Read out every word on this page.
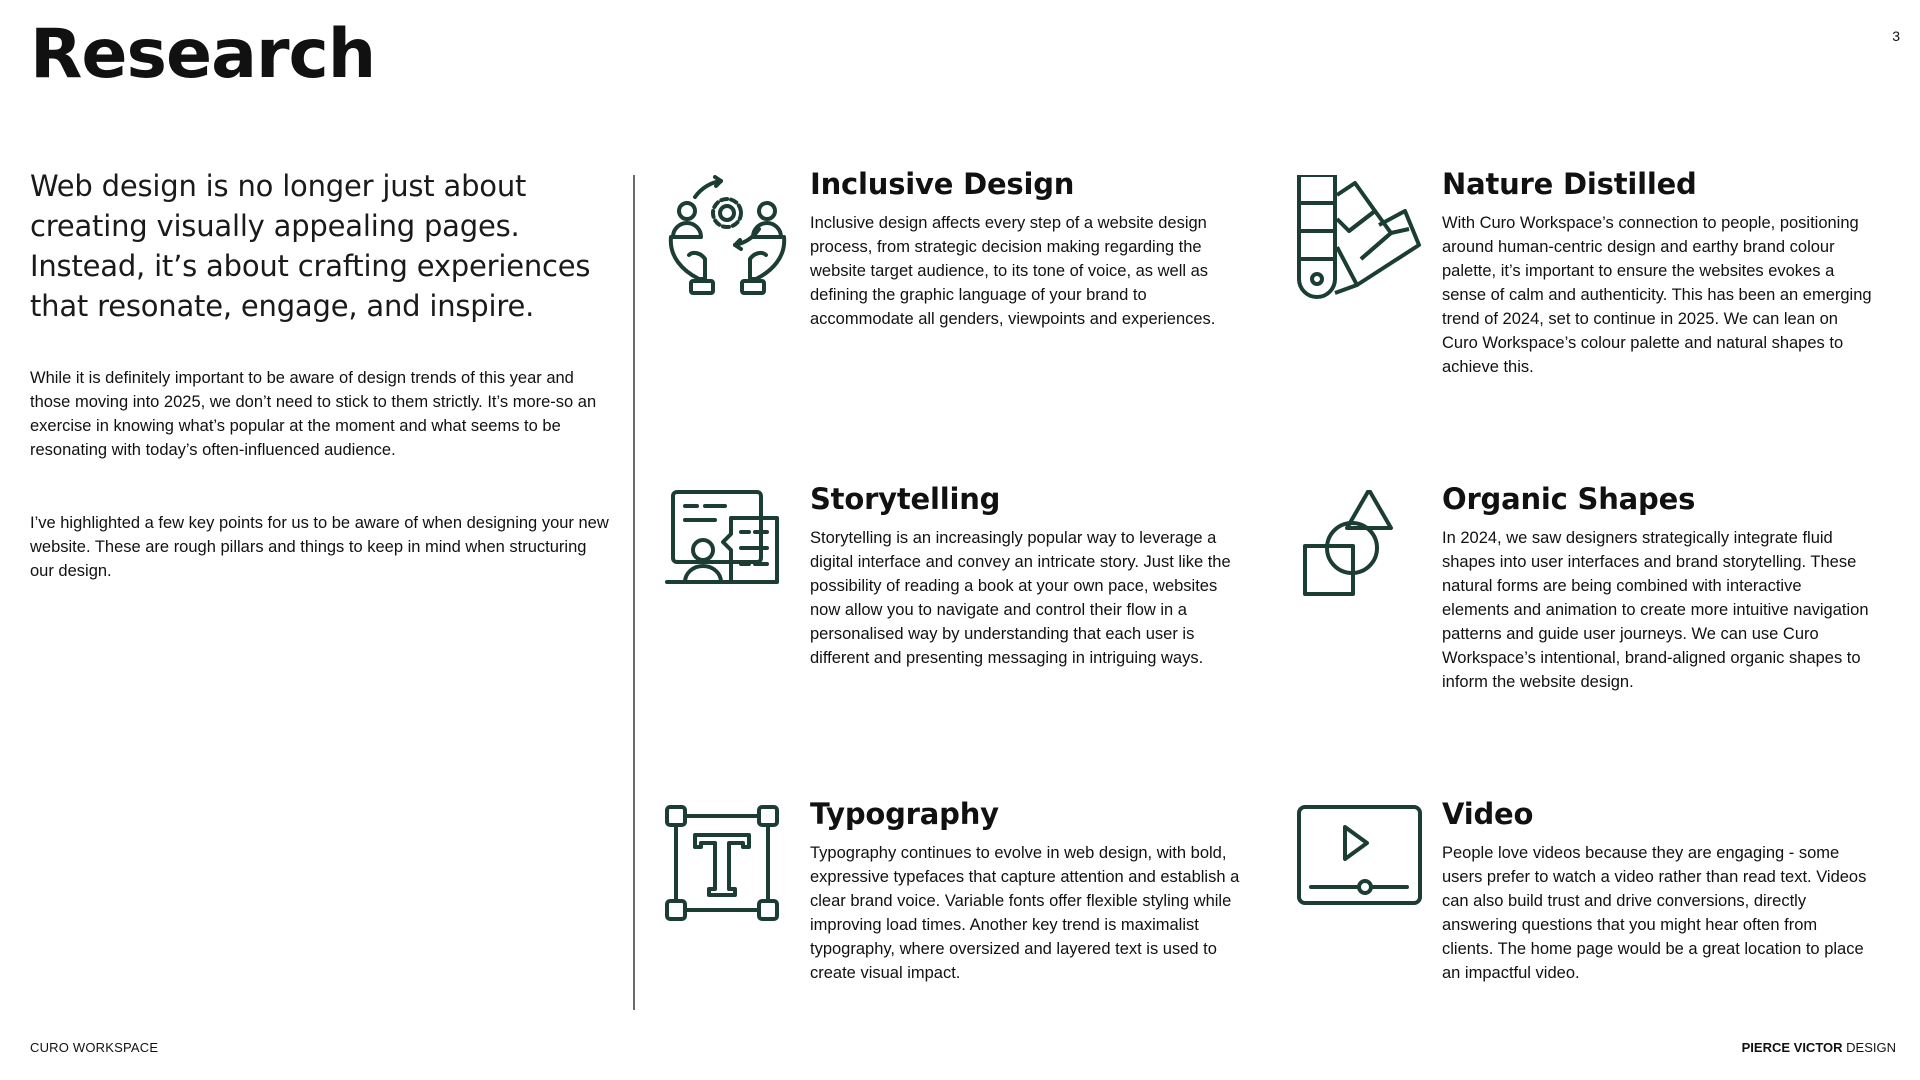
Research	3

Web design is no longer just about creating visually appealing pages. Instead, it’s about crafting experiences that resonate, engage, and inspire.

While it is definitely important to be aware of design trends of this year and those moving into 2025, we don’t need to stick to them strictly. It’s more-so an exercise in knowing what’s popular at the moment and what seems to be resonating with today’s often-influenced audience.

I’ve highlighted a few key points for us to be aware of when designing your new website. These are rough pillars and things to keep in mind when structuring our design.

Inclusive Design

Inclusive design affects every step of a website design process, from strategic decision making regarding the website target audience, to its tone of voice, as well as defining the graphic language of your brand to accommodate all genders, viewpoints and experiences.

Nature Distilled

With Curo Workspace’s connection to people, positioning around human-centric design and earthy brand colour palette, it’s important to ensure the websites evokes a sense of calm and authenticity. This has been an emerging trend of 2024, set to continue in 2025. We can lean on Curo Workspace’s colour palette and natural shapes to achieve this.

Storytelling

Storytelling is an increasingly popular way to leverage a digital interface and convey an intricate story. Just like the possibility of reading a book at your own pace, websites now allow you to navigate and control their flow in a personalised way by understanding that each user is different and presenting messaging in intriguing ways.

Organic Shapes

In 2024, we saw designers strategically integrate fluid shapes into user interfaces and brand storytelling. These natural forms are being combined with interactive elements and animation to create more intuitive navigation patterns and guide user journeys. We can use Curo Workspace’s intentional, brand-aligned organic shapes to inform the website design.

Typography

Typography continues to evolve in web design, with bold, expressive typefaces that capture attention and establish a clear brand voice. Variable fonts offer flexible styling while improving load times. Another key trend is maximalist typography, where oversized and layered text is used to create visual impact.

Video

People love videos because they are engaging - some users prefer to watch a video rather than read text. Videos can also build trust and drive conversions, directly answering questions that you might hear often from clients. The home page would be a great location to place an impactful video.

CURO WORKSPACE	PIERCE VICTOR DESIGN
